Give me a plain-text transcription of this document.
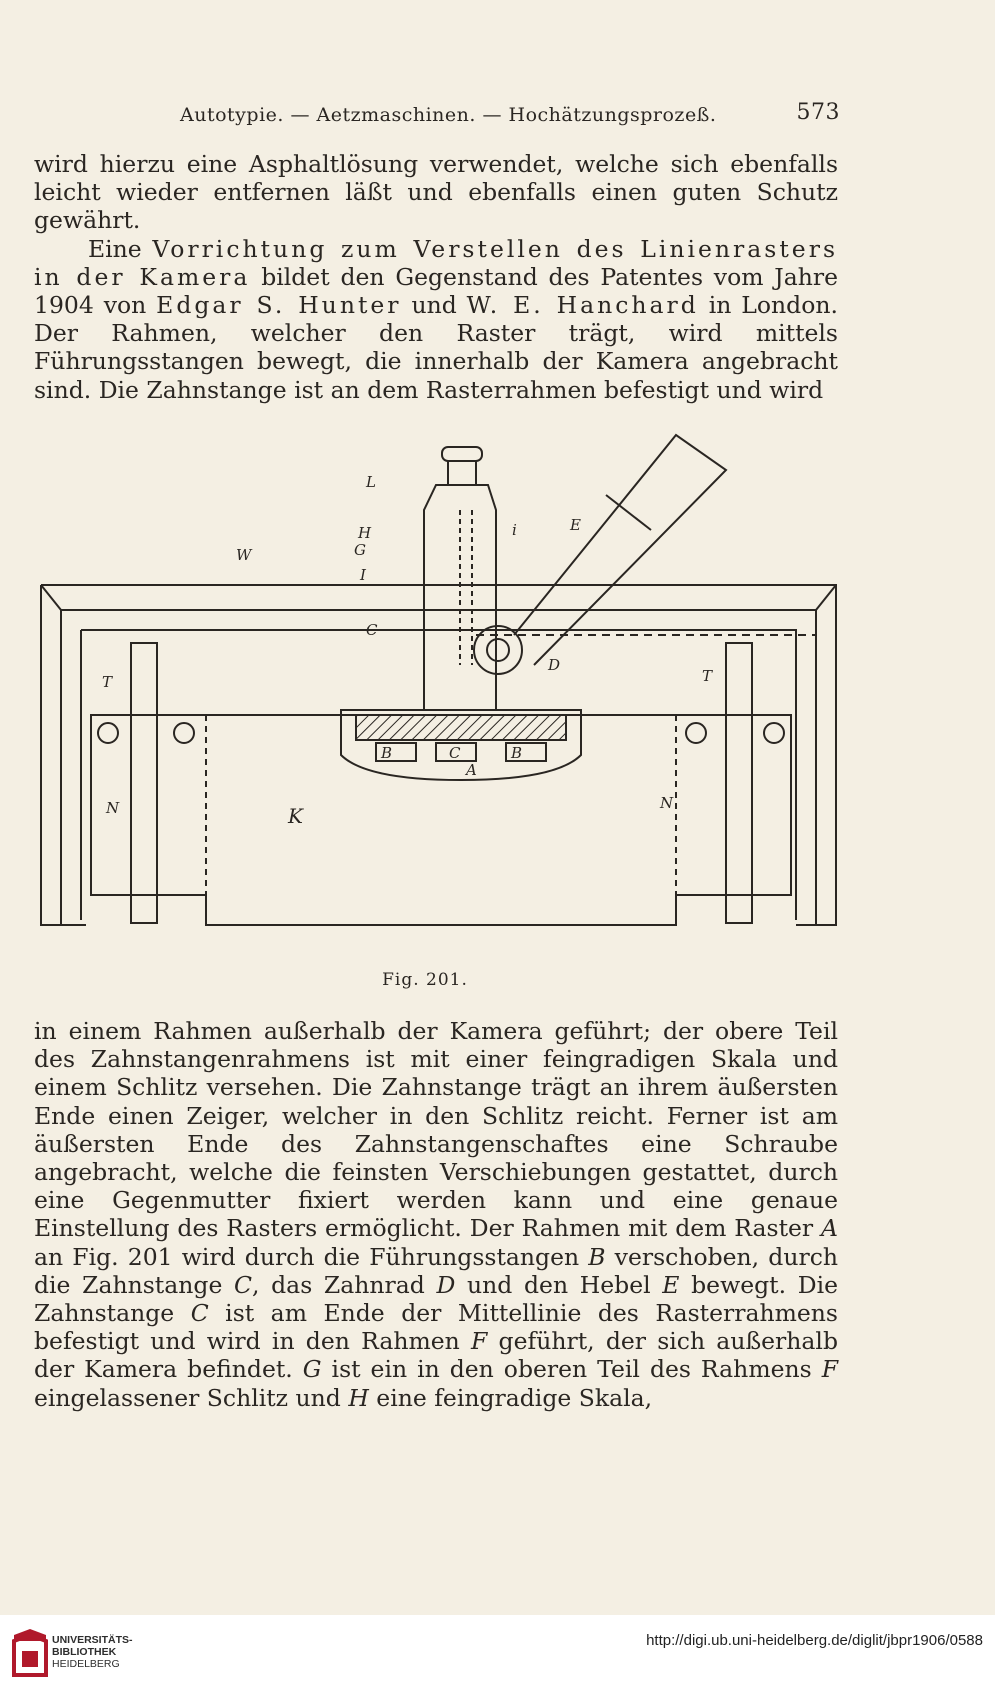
Autotypie. — Aetzmaschinen. — Hochätzungsprozeß.	573

wird hierzu eine Asphaltlösung verwendet, welche sich ebenfalls leicht wieder entfernen läßt und ebenfalls einen guten Schutz gewährt.

Eine Vorrichtung zum Verstellen des Linienrasters in der Kamera bildet den Gegenstand des Patentes vom Jahre 1904 von Edgar S. Hunter und W. E. Hanchard in London. Der Rahmen, welcher den Raster trägt, wird mittels Führungsstangen bewegt, die innerhalb der Kamera angebracht sind. Die Zahnstange ist an dem Rasterrahmen befestigt und wird

W
L
H
G
I
i
C
E
D
T	T
B	C	B
A
N	N
K
Fig. 201.

in einem Rahmen außerhalb der Kamera geführt; der obere Teil des Zahnstangenrahmens ist mit einer feingradigen Skala und einem Schlitz versehen. Die Zahnstange trägt an ihrem äußersten Ende einen Zeiger, welcher in den Schlitz reicht. Ferner ist am äußersten Ende des Zahnstangenschaftes eine Schraube angebracht, welche die feinsten Verschiebungen gestattet, durch eine Gegenmutter fixiert werden kann und eine genaue Einstellung des Rasters ermöglicht. Der Rahmen mit dem Raster A an Fig. 201 wird durch die Führungsstangen B verschoben, durch die Zahnstange C, das Zahnrad D und den Hebel E bewegt. Die Zahnstange C ist am Ende der Mittellinie des Rasterrahmens befestigt und wird in den Rahmen F geführt, der sich außerhalb der Kamera befindet. G ist ein in den oberen Teil des Rahmens F eingelassener Schlitz und H eine feingradige Skala,

UNIVERSITÄTS-
BIBLIOTHEK
HEIDELBERG
http://digi.ub.uni-heidelberg.de/diglit/jbpr1906/0588
